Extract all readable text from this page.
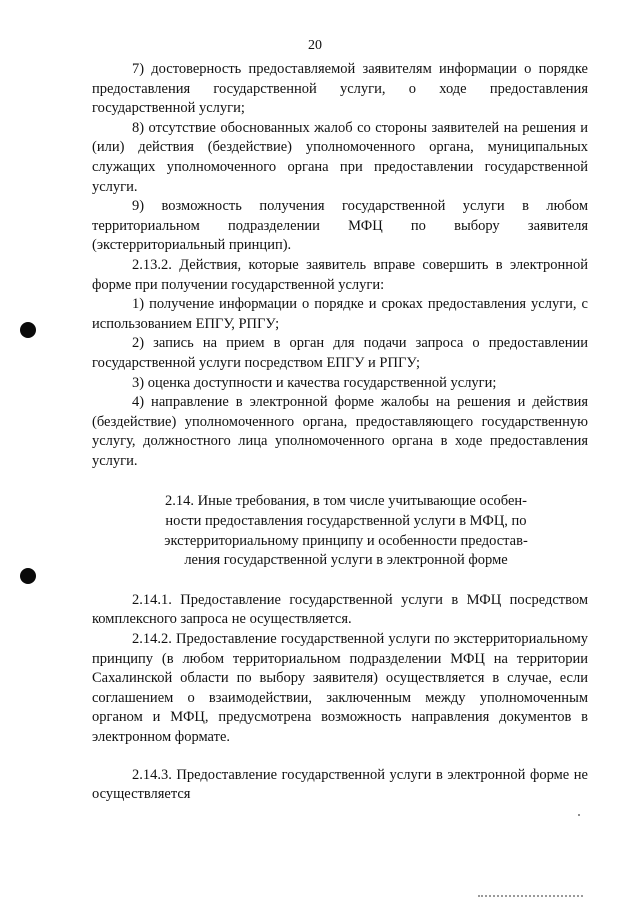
20

7) достоверность предоставляемой заявителям информации о порядке предоставления государственной услуги, о ходе предоставления государственной услуги;

8) отсутствие обоснованных жалоб со стороны заявителей на решения и (или) действия (бездействие) уполномоченного органа, муниципальных служащих уполномоченного органа при предоставлении государственной услуги.

9) возможность получения государственной услуги в любом территориальном подразделении МФЦ по выбору заявителя (экстерриториальный принцип).

2.13.2. Действия, которые заявитель вправе совершить в электронной форме при получении государственной услуги:

1) получение информации о порядке и сроках предоставления услуги, с использованием ЕПГУ, РПГУ;

2) запись на прием в орган для подачи запроса о предоставлении государственной услуги посредством ЕПГУ и РПГУ;

3) оценка доступности и качества государственной услуги;

4) направление в электронной форме жалобы на решения и действия (бездействие) уполномоченного органа, предоставляющего государственную услугу, должностного лица уполномоченного органа в ходе предоставления услуги.

2.14. Иные требования, в том числе учитывающие особен-
ности предоставления государственной услуги в МФЦ, по
экстерриториальному принципу и особенности предостав-
ления государственной услуги в электронной форме

2.14.1. Предоставление государственной услуги в МФЦ посредством комплексного запроса не осуществляется.

2.14.2. Предоставление государственной услуги по экстерриториальному принципу (в любом территориальном подразделении МФЦ на территории Сахалинской области по выбору заявителя) осуществляется в случае, если соглашением о взаимодействии, заключенным между уполномоченным органом и МФЦ, предусмотрена возможность направления документов в электронном формате.

2.14.3. Предоставление государственной услуги в электронной форме не осуществляется
